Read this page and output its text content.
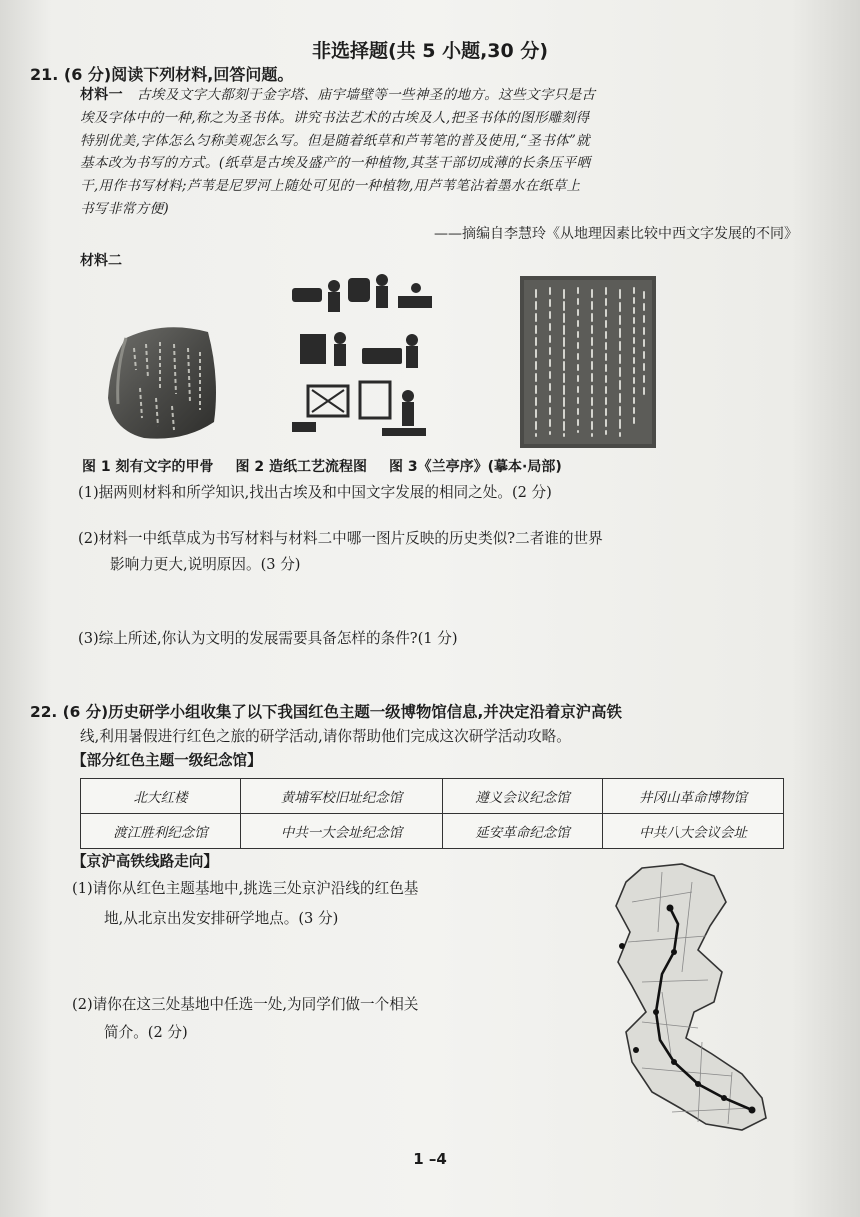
非选择题(共 5 小题,30 分)
21. (6 分)阅读下列材料,回答问题。
材料一 古埃及文字大都刻于金字塔、庙宇墙壁等一些神圣的地方。这些文字只是古
埃及字体中的一种,称之为圣书体。讲究书法艺术的古埃及人,把圣书体的图形雕刻得
特别优美,字体怎么匀称美观怎么写。但是随着纸草和芦苇笔的普及使用,“圣书体”就
基本改为书写的方式。(纸草是古埃及盛产的一种植物,其茎干部切成薄的长条压平晒
干,用作书写材料;芦苇是尼罗河上随处可见的一种植物,用芦苇笔沾着墨水在纸草上
书写非常方便)
——摘编自李慧玲《从地理因素比较中西文字发展的不同》
材料二
图 1 刻有文字的甲骨 图 2 造纸工艺流程图 图 3《兰亭序》(摹本·局部)
(1)据两则材料和所学知识,找出古埃及和中国文字发展的相同之处。(2 分)
(2)材料一中纸草成为书写材料与材料二中哪一图片反映的历史类似?二者谁的世界
影响力更大,说明原因。(3 分)
(3)综上所述,你认为文明的发展需要具备怎样的条件?(1 分)
22. (6 分)历史研学小组收集了以下我国红色主题一级博物馆信息,并决定沿着京沪高铁
线,利用暑假进行红色之旅的研学活动,请你帮助他们完成这次研学活动攻略。
【部分红色主题一级纪念馆】
北大红楼	黄埔军校旧址纪念馆	遵义会议纪念馆	井冈山革命博物馆
渡江胜利纪念馆	中共一大会址纪念馆	延安革命纪念馆	中共八大会议会址
【京沪高铁线路走向】
(1)请你从红色主题基地中,挑选三处京沪沿线的红色基
地,从北京出发安排研学地点。(3 分)
(2)请你在这三处基地中任选一处,为同学们做一个相关
简介。(2 分)
1 –4
